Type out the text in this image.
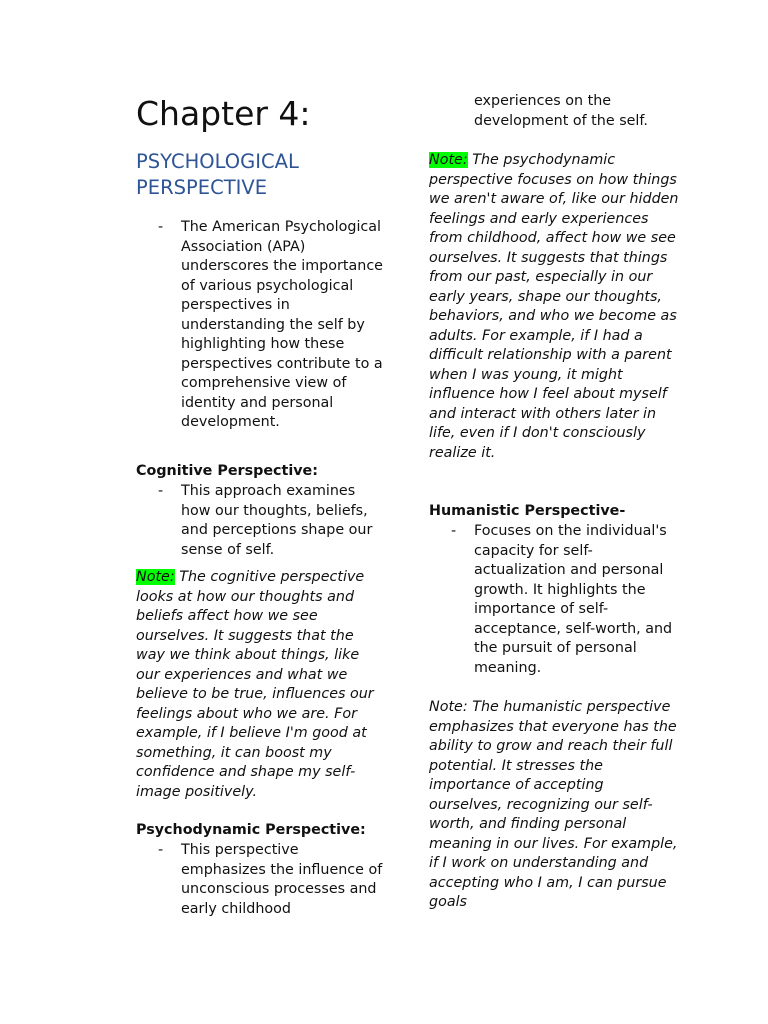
Chapter 4:
PSYCHOLOGICAL PERSPECTIVE
- The American Psychological Association (APA) underscores the importance of various psychological perspectives in understanding the self by highlighting how these perspectives contribute to a comprehensive view of identity and personal development.
Cognitive Perspective:
- This approach examines how our thoughts, beliefs, and perceptions shape our sense of self.
Note: The cognitive perspective looks at how our thoughts and beliefs affect how we see ourselves. It suggests that the way we think about things, like our experiences and what we believe to be true, influences our feelings about who we are. For example, if I believe I'm good at something, it can boost my confidence and shape my self-image positively.
Psychodynamic Perspective:
- This perspective emphasizes the influence of unconscious processes and early childhood
experiences on the development of the self.
Note: The psychodynamic perspective focuses on how things we aren't aware of, like our hidden feelings and early experiences from childhood, affect how we see ourselves. It suggests that things from our past, especially in our early years, shape our thoughts, behaviors, and who we become as adults. For example, if I had a difficult relationship with a parent when I was young, it might influence how I feel about myself and interact with others later in life, even if I don't consciously realize it.
Humanistic Perspective-
- Focuses on the individual's capacity for self-actualization and personal growth. It highlights the importance of self-acceptance, self-worth, and the pursuit of personal meaning.
Note: The humanistic perspective emphasizes that everyone has the ability to grow and reach their full potential. It stresses the importance of accepting ourselves, recognizing our self-worth, and finding personal meaning in our lives. For example, if I work on understanding and accepting who I am, I can pursue goals
